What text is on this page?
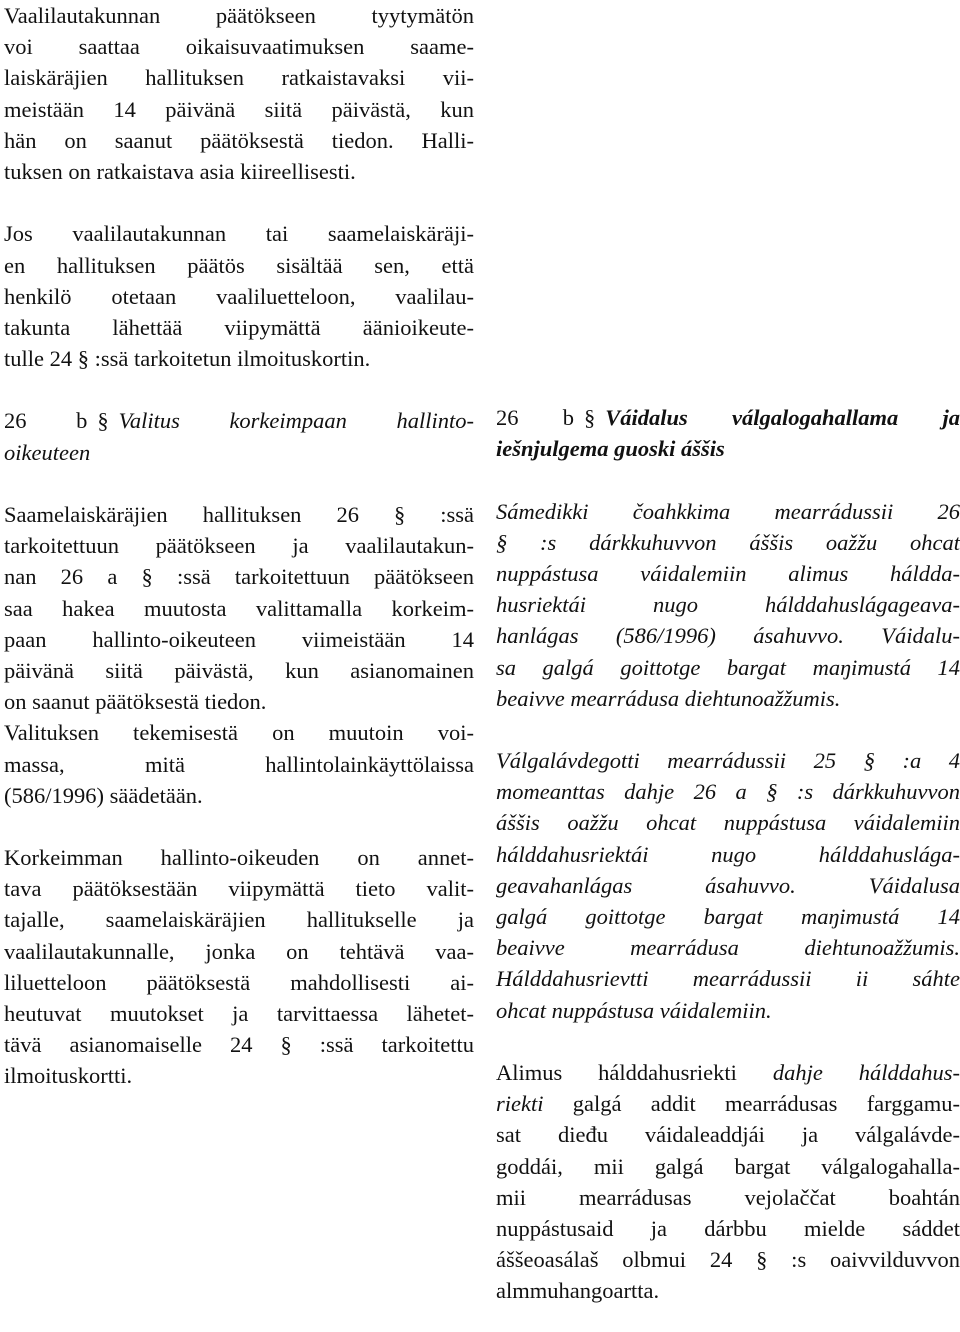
Vaalilautakunnan päätökseen tyytymätön
voi saattaa oikaisuvaatimuksen saame-
laiskäräjien hallituksen ratkaistavaksi vii-
meistään 14 päivänä siitä päivästä, kun
hän on saanut päätöksestä tiedon. Halli-
tuksen on ratkaistava asia kiireellisesti.
Jos vaalilautakunnan tai saamelaiskäräji-
en hallituksen päätös sisältää sen, että
henkilö otetaan vaaliluetteloon, vaalilau-
takunta lähettää viipymättä äänioikeute-
tulle 24 § :ssä tarkoitetun ilmoituskortin.
26 b § Valitus korkeimpaan hallinto-
oikeuteen
Saamelaiskäräjien hallituksen 26 § :ssä
tarkoitettuun päätökseen ja vaalilautakun-
nan 26 a § :ssä tarkoitettuun päätökseen
saa hakea muutosta valittamalla korkeim-
paan hallinto-oikeuteen viimeistään 14
päivänä siitä päivästä, kun asianomainen
on saanut päätöksestä tiedon.
Valituksen tekemisestä on muutoin voi-
massa, mitä hallintolainkäyttölaissa
(586/1996) säädetään.
Korkeimman hallinto-oikeuden on annet-
tava päätöksestään viipymättä tieto valit-
tajalle, saamelaiskäräjien hallitukselle ja
vaalilautakunnalle, jonka on tehtävä vaa-
liluetteloon päätöksestä mahdollisesti ai-
heutuvat muutokset ja tarvittaessa lähetet-
tävä asianomaiselle 24 § :ssä tarkoitettu
ilmoituskortti.
26 b § Váidalus válgalogahallama ja
iešnjulgema guoski áššis
Sámedikki čoahkkima mearrádussii 26
§ :s dárkkuhuvvon áššis oažžu ohcat
nuppástusa váidalemiin alimus háldda-
husriektái nugo hálddahuslágageava-
hanlágas (586/1996) ásahuvvo. Váidalu-
sa galgá goittotge bargat maŋimustá 14
beaivve mearrádusa diehtunoažžumis.
Válgalávdegotti mearrádussii 25 § :a 4
momeanttas dahje 26 a § :s dárkkuhuvvon
áššis oažžu ohcat nuppástusa váidalemiin
hálddahusriektái nugo hálddahuslága-
geavahanlágas ásahuvvo. Váidalusa
galgá goittotge bargat maŋimustá 14
beaivve mearrádusa diehtunoažžumis.
Hálddahusrievtti mearrádussii ii sáhte
ohcat nuppástusa váidalemiin.
Alimus hálddahusriekti dahje hálddahus-
riekti galgá addit mearrádusas farggamu-
sat dieđu váidaleaddjái ja válgalávde-
goddái, mii galgá bargat válgalogahalla-
mii mearrádusas vejolaččat boahtán
nuppástusaid ja dárbbu mielde sáddet
áššeoasálaš olbmui 24 § :s oaivvilduvvon
almmuhangoartta.
